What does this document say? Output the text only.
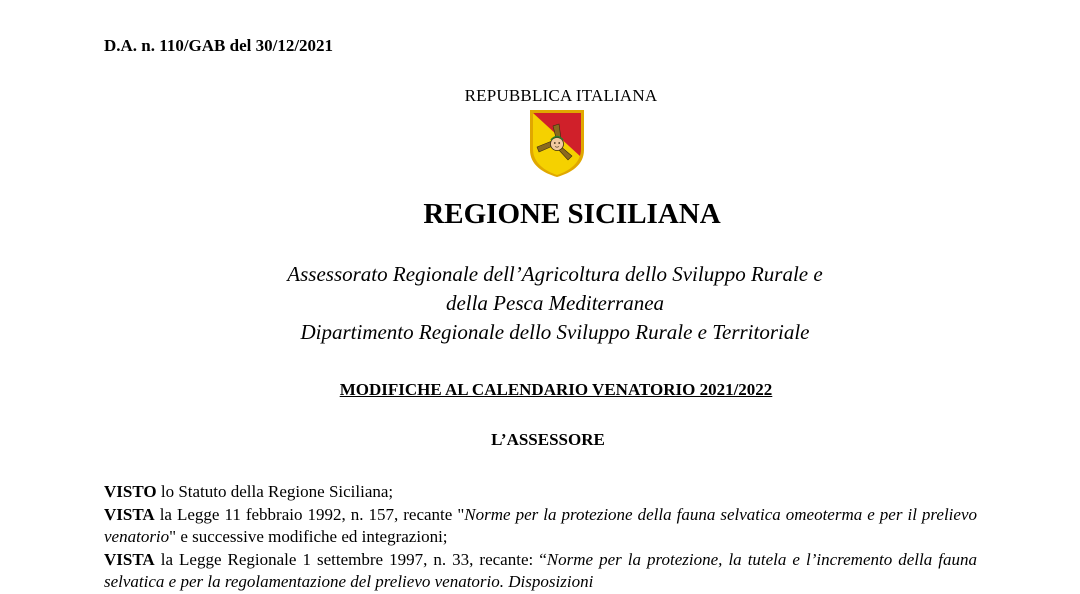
D.A. n. 110/GAB del 30/12/2021
REPUBBLICA ITALIANA
REGIONE SICILIANA
Assessorato Regionale dell’Agricoltura dello Sviluppo Rurale e
della Pesca Mediterranea
Dipartimento Regionale dello Sviluppo Rurale e Territoriale
MODIFICHE AL CALENDARIO VENATORIO 2021/2022
L’ASSESSORE

VISTO lo Statuto della Regione Siciliana;

VISTA la Legge 11 febbraio 1992, n. 157, recante "Norme per la protezione della fauna selvatica omeoterma e per il prelievo venatorio" e successive modifiche ed integrazioni;

VISTA la Legge Regionale 1 settembre 1997, n. 33, recante: “Norme per la protezione, la tutela e l’incremento della fauna selvatica e per la regolamentazione del prelievo venatorio. Disposizioni
